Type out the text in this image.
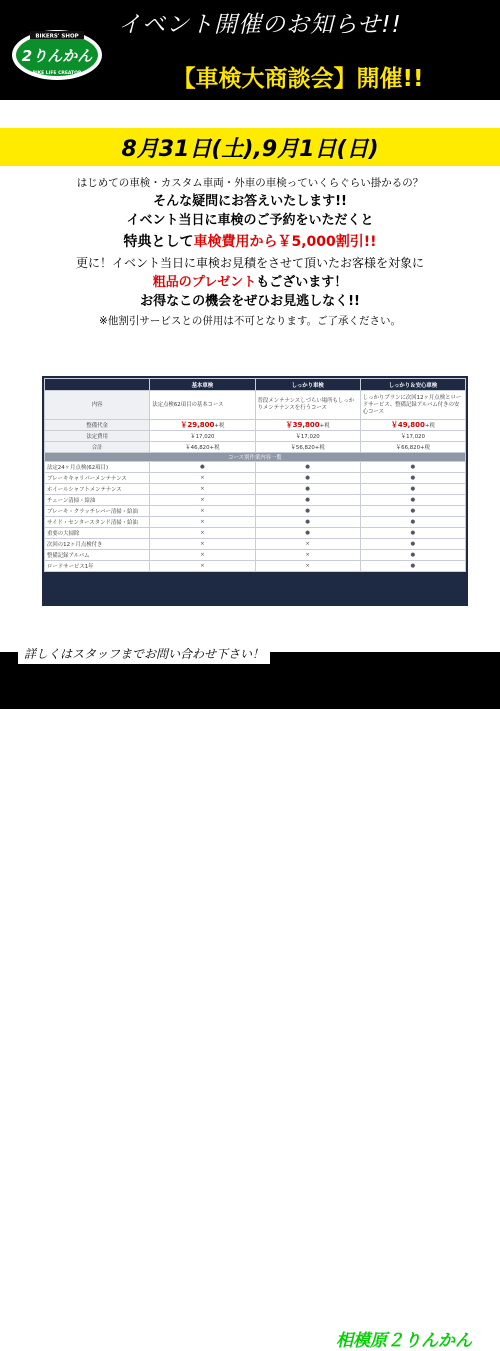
BIKERS' SHOP
2りんかん
BIKE LIFE CREATOR
イベント開催のお知らせ!!
【車検大商談会】開催!!
8月31日(土),9月1日(日)
はじめての車検・カスタム車両・外車の車検っていくらぐらい掛かるの？
そんな疑問にお答えいたします!!
イベント当日に車検のご予約をいただくと
特典として車検費用から￥5,000割引!!
更に！イベント当日に車検お見積をさせて頂いたお客様を対象に
粗品のプレゼントもございます！
お得なこの機会をぜひお見逃しなく!!
※他割引サービスとの併用は不可となります。ご了承ください。
	基本車検	しっかり車検	しっかり＆安心車検
内容	法定点検62項目の基本コース	普段メンテナンスしづらい場所もしっかりメンテナンスを行うコース	しっかりプランに次回12ヶ月点検とロードサービス、整備記録アルバム付きの安心コース
整備代金	￥29,800+税	￥39,800+税	￥49,800+税
法定費用	￥17,020	￥17,020	￥17,020
合計	￥46,820+税	￥56,820+税	￥66,820+税
コース別作業内容一覧			
法定24ヶ月点検(62項目)	●	●	●
ブレーキキャリパーメンテナンス	×	●	●
ホイールシャフトメンテナンス	×	●	●
チェーン清掃・給油	×	●	●
ブレーキ・クラッチレバー清掃・給油	×	●	●
サイド・センタースタンド清掃・給油	×	●	●
重要の大掃除	×	●	●
次回の12ヶ月点検付き	×	×	●
整備記録アルバム	×	×	●
ロードサービス1年	×	×	●
相模原２りんかん
詳しくはスタッフまでお問い合わせ下さい！
